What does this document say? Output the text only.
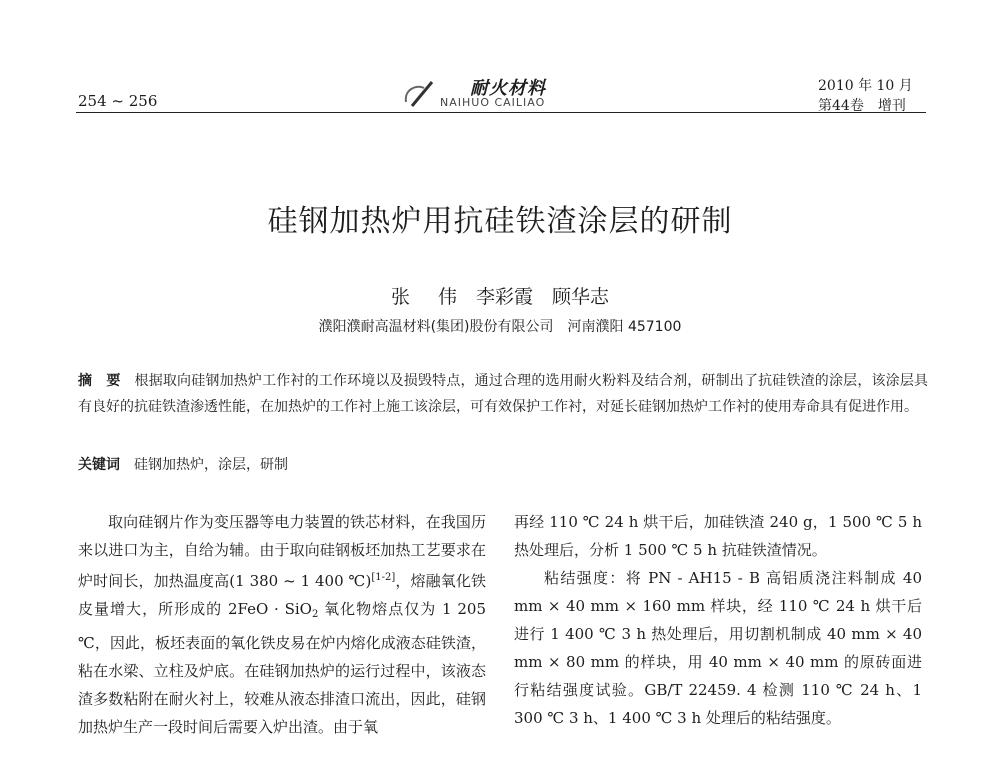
254 ~ 256
耐火材料
NAIHUO CAILIAO
2010 年 10 月
第44卷　增刊
硅钢加热炉用抗硅铁渣涂层的研制
张 伟　李彩霞　顾华志
濮阳濮耐高温材料(集团)股份有限公司　河南濮阳 457100
摘　要 根据取向硅钢加热炉工作衬的工作环境以及损毁特点，通过合理的选用耐火粉料及结合剂，研制出了抗硅铁渣的涂层，该涂层具有良好的抗硅铁渣渗透性能，在加热炉的工作衬上施工该涂层，可有效保护工作衬，对延长硅钢加热炉工作衬的使用寿命具有促进作用。
关键词 硅钢加热炉，涂层，研制

取向硅钢片作为变压器等电力装置的铁芯材料，在我国历来以进口为主，自给为辅。由于取向硅钢板坯加热工艺要求在炉时间长，加热温度高(1 380 ~ 1 400 ℃)[1-2]，熔融氧化铁皮量增大，所形成的 2FeO · SiO$_2$ 氧化物熔点仅为 1 205 ℃，因此，板坯表面的氧化铁皮易在炉内熔化成液态硅铁渣，粘在水梁、立柱及炉底。在硅钢加热炉的运行过程中，该液态渣多数粘附在耐火衬上，较难从液态排渣口流出，因此，硅钢加热炉生产一段时间后需要入炉出渣。由于氧

再经 110 ℃ 24 h 烘干后，加硅铁渣 240 g，1 500 ℃ 5 h热处理后，分析 1 500 ℃ 5 h 抗硅铁渣情况。

粘结强度：将 PN - AH15 - B 高铝质浇注料制成 40 mm × 40 mm × 160 mm 样块，经 110 ℃ 24 h 烘干后进行 1 400 ℃ 3 h 热处理后，用切割机制成 40 mm × 40 mm × 80 mm 的样块，用 40 mm × 40 mm 的原砖面进行粘结强度试验。GB/T 22459. 4 检测 110 ℃ 24 h、1 300 ℃ 3 h、1 400 ℃ 3 h 处理后的粘结强度。
